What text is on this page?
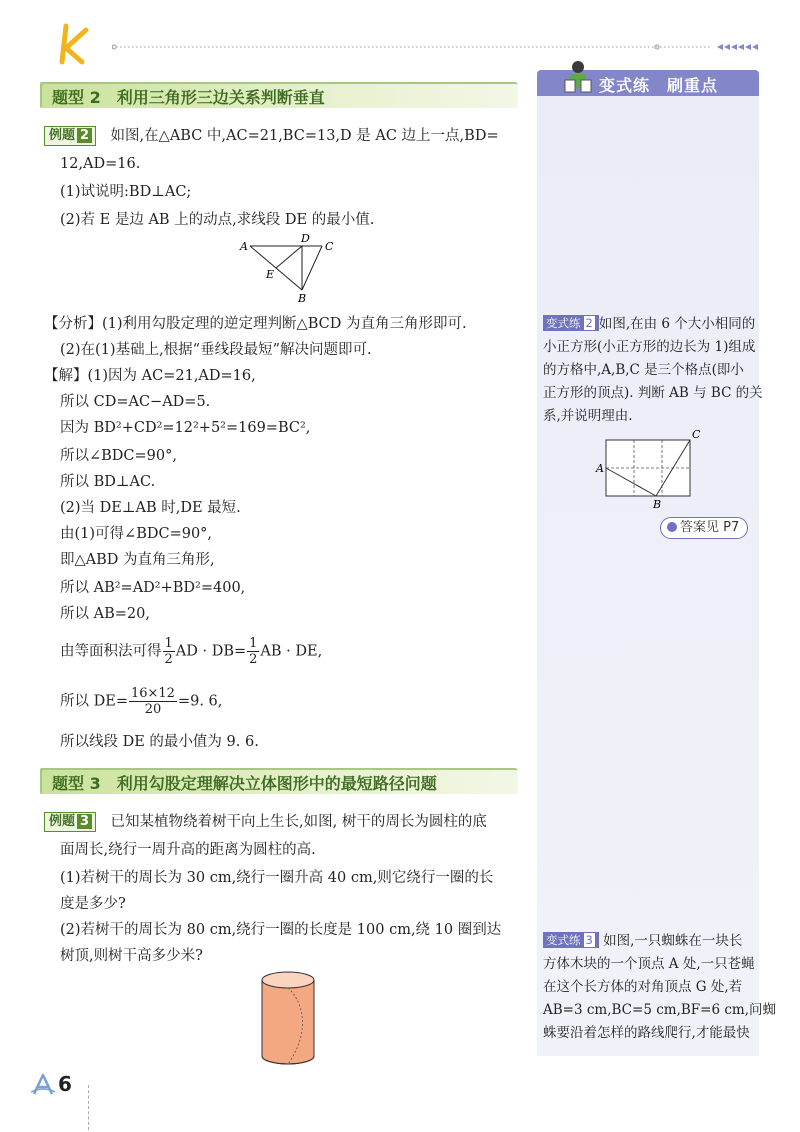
题型 2　利用三角形三边关系判断垂直
例题 2　如图,在△ABC 中,AC=21,BC=13,D 是 AC 边上一点,BD=
12,AD=16.
(1)试说明:BD⊥AC;
(2)若 E 是边 AB 上的动点,求线段 DE 的最小值.
A
D
C
E
B
【分析】(1)利用勾股定理的逆定理判断△BCD 为直角三角形即可.
(2)在(1)基础上,根据“垂线段最短”解决问题即可.
【解】(1)因为 AC=21,AD=16,
所以 CD=AC−AD=5.
因为 BD²+CD²=12²+5²=169=BC²,
所以∠BDC=90°,
所以 BD⊥AC.
(2)当 DE⊥AB 时,DE 最短.
由(1)可得∠BDC=90°,
即△ABD 为直角三角形,
所以 AB²=AD²+BD²=400,
所以 AB=20,
由等面积法可得 $\frac{1}{2}$ AD · $DB= \frac{1}{2}$ AB · DE,
所以 $DE= \frac{16\times 12}{20} =9$. 6,
所以线段 DE 的最小值为 9. 6.
题型 3　利用勾股定理解决立体图形中的最短路径问题
例题 3　已知某植物绕着树干向上生长,如图, 树干的周长为圆柱的底
面周长,绕行一周升高的距离为圆柱的高.
(1)若树干的周长为 30 cm,绕行一圈升高 40 cm,则它绕行一圈的长
度是多少?
(2)若树干的周长为 80 cm,绕行一圈的长度是 100 cm,绕 10 圈到达
树顶,则树干高多少米?
变式练　刷重点
变式练 2 如图,在由 6 个大小相同的
小正方形(小正方形的边长为 1)组成
的方格中,A,B,C 是三个格点(即小
正方形的顶点). 判断 AB 与 BC 的关
系,并说明理由.
A
B
C
答案见 P7
变式练 3 如图,一只蜘蛛在一块长
方体木块的一个顶点 A 处,一只苍蝇
在这个长方体的对角顶点 G 处,若
AB=3 cm,BC=5 cm,BF=6 cm,问蜘
蛛要沿着怎样的路线爬行,才能最快
6
